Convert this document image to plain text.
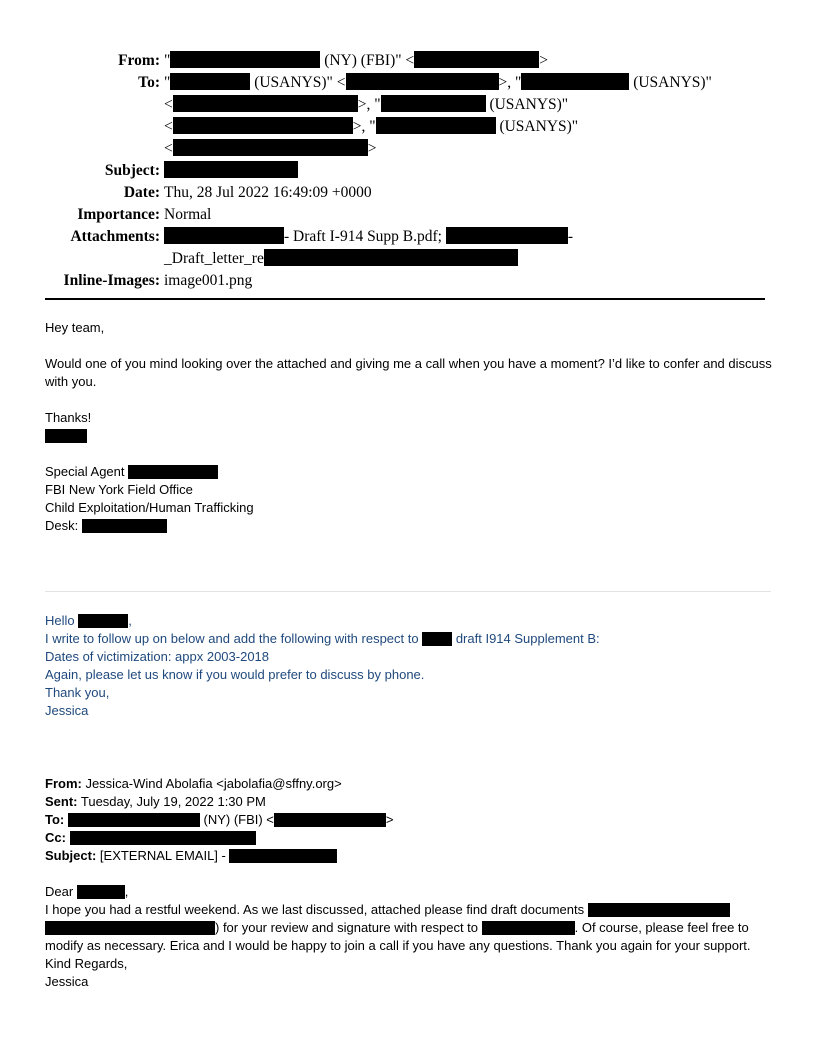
From: "	(NY) (FBI)" <	>
To: "	(USANYS)" <	>, "	(USANYS)"
<	>, "	(USANYS)"
<	>, "	(USANYS)"
<	>
Subject:
Date: Thu, 28 Jul 2022 16:49:09 +0000
Importance: Normal
Attachments:	- Draft I-914 Supp B.pdf;	-
_Draft_letter_re
Inline-Images: image001.png

Hey team,

Would one of you mind looking over the attached and giving me a call when you have a moment? I’d like to confer and discuss with you.

Thanks!

Special Agent

FBI New York Field Office

Child Exploitation/Human Trafficking

Desk:

Hello	,

I write to follow up on below and add the following with respect to  draft I914 Supplement B:

Dates of victimization: appx 2003-2018

Again, please let us know if you would prefer to discuss by phone.

Thank you,

Jessica

From: Jessica-Wind Abolafia <jabolafia@sffny.org>

Sent: Tuesday, July 19, 2022 1:30 PM

To:	(NY) (FBI) <	>

Cc:

Subject: [EXTERNAL EMAIL] -

Dear	,

I hope you had a restful weekend. As we last discussed, attached please find draft documents  ) for your review and signature with respect to	. Of course, please feel free to modify as necessary. Erica and I would be happy to join a call if you have any questions. Thank you again for your support.

Kind Regards,

Jessica
